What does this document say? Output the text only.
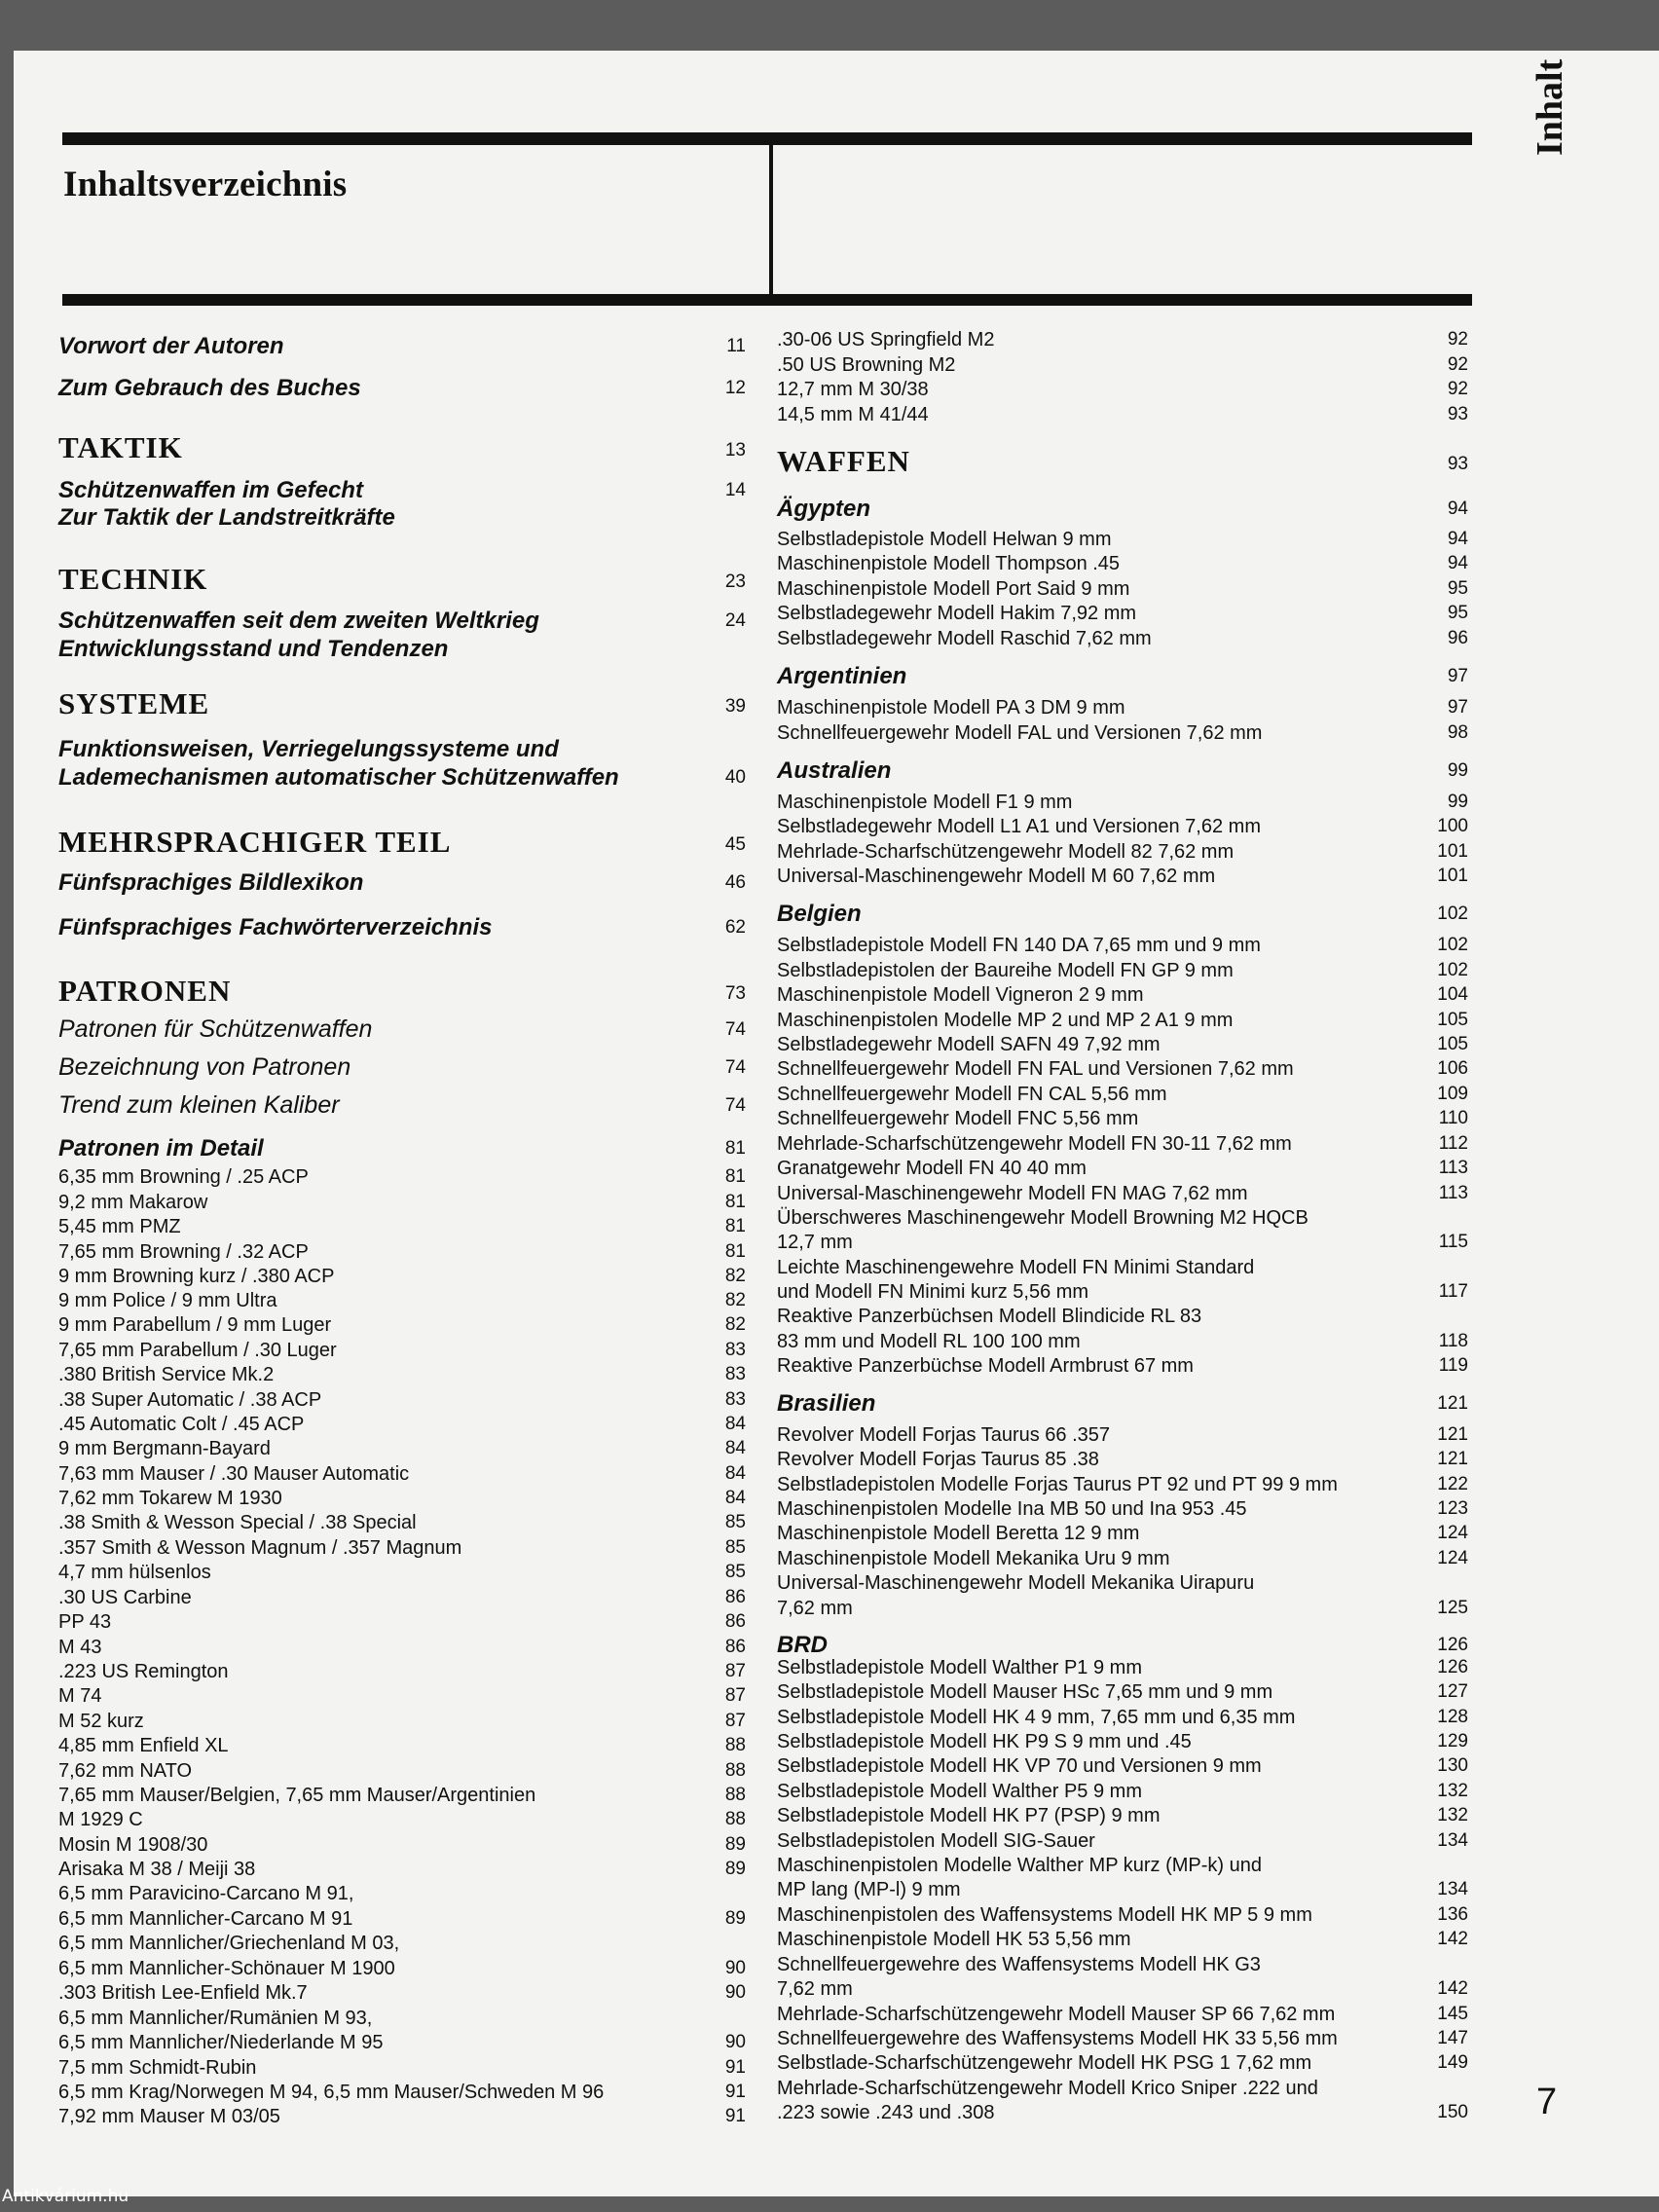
Inhaltsverzeichnis
Inhalt
7
Antikvárium.hu
Vorwort der Autoren	11
Zum Gebrauch des Buches	12
TAKTIK	13
Schützenwaffen im Gefecht	14
Zur Taktik der Landstreitkräfte
TECHNIK	23
Schützenwaffen seit dem zweiten Weltkrieg	24
Entwicklungsstand und Tendenzen
SYSTEME	39
Funktionsweisen, Verriegelungssysteme und
Lademechanismen automatischer Schützenwaffen	40
MEHRSPRACHIGER TEIL	45
Fünfsprachiges Bildlexikon	46
Fünfsprachiges Fachwörterverzeichnis	62
PATRONEN	73
Patronen für Schützenwaffen	74
Bezeichnung von Patronen	74
Trend zum kleinen Kaliber	74
Patronen im Detail	81
6,35 mm Browning / .25 ACP	81
9,2 mm Makarow	81
5,45 mm PMZ	81
7,65 mm Browning / .32 ACP	81
9 mm Browning kurz / .380 ACP	82
9 mm Police / 9 mm Ultra	82
9 mm Parabellum / 9 mm Luger	82
7,65 mm Parabellum / .30 Luger	83
.380 British Service Mk.2	83
.38 Super Automatic / .38 ACP	83
.45 Automatic Colt / .45 ACP	84
9 mm Bergmann-Bayard	84
7,63 mm Mauser / .30 Mauser Automatic	84
7,62 mm Tokarew M 1930	84
.38 Smith & Wesson Special / .38 Special	85
.357 Smith & Wesson Magnum / .357 Magnum	85
4,7 mm hülsenlos	85
.30 US Carbine	86
PP 43	86
M 43	86
.223 US Remington	87
M 74	87
M 52 kurz	87
4,85 mm Enfield XL	88
7,62 mm NATO	88
7,65 mm Mauser/Belgien, 7,65 mm Mauser/Argentinien	88
M 1929 C	88
Mosin M 1908/30	89
Arisaka M 38 / Meiji 38	89
6,5 mm Paravicino-Carcano M 91,
6,5 mm Mannlicher-Carcano M 91	89
6,5 mm Mannlicher/Griechenland M 03,
6,5 mm Mannlicher-Schönauer M 1900	90
.303 British Lee-Enfield Mk.7	90
6,5 mm Mannlicher/Rumänien M 93,
6,5 mm Mannlicher/Niederlande M 95	90
7,5 mm Schmidt-Rubin	91
6,5 mm Krag/Norwegen M 94, 6,5 mm Mauser/Schweden M 96	91
7,92 mm Mauser M 03/05	91
.30-06 US Springfield M2	92
.50 US Browning M2	92
12,7 mm M 30/38	92
14,5 mm M 41/44	93
WAFFEN	93
Ägypten	94
Selbstladepistole Modell Helwan 9 mm	94
Maschinenpistole Modell Thompson .45	94
Maschinenpistole Modell Port Said 9 mm	95
Selbstladegewehr Modell Hakim 7,92 mm	95
Selbstladegewehr Modell Raschid 7,62 mm	96
Argentinien	97
Maschinenpistole Modell PA 3 DM 9 mm	97
Schnellfeuergewehr Modell FAL und Versionen 7,62 mm	98
Australien	99
Maschinenpistole Modell F1 9 mm	99
Selbstladegewehr Modell L1 A1 und Versionen 7,62 mm	100
Mehrlade-Scharfschützengewehr Modell 82 7,62 mm	101
Universal-Maschinengewehr Modell M 60 7,62 mm	101
Belgien	102
Selbstladepistole Modell FN 140 DA 7,65 mm und 9 mm	102
Selbstladepistolen der Baureihe Modell FN GP 9 mm	102
Maschinenpistole Modell Vigneron 2 9 mm	104
Maschinenpistolen Modelle MP 2 und MP 2 A1 9 mm	105
Selbstladegewehr Modell SAFN 49 7,92 mm	105
Schnellfeuergewehr Modell FN FAL und Versionen 7,62 mm	106
Schnellfeuergewehr Modell FN CAL 5,56 mm	109
Schnellfeuergewehr Modell FNC 5,56 mm	110
Mehrlade-Scharfschützengewehr Modell FN 30-11 7,62 mm	112
Granatgewehr Modell FN 40 40 mm	113
Universal-Maschinengewehr Modell FN MAG 7,62 mm	113
Überschweres Maschinengewehr Modell Browning M2 HQCB
12,7 mm	115
Leichte Maschinengewehre Modell FN Minimi Standard
und Modell FN Minimi kurz 5,56 mm	117
Reaktive Panzerbüchsen Modell Blindicide RL 83
83 mm und Modell RL 100 100 mm	118
Reaktive Panzerbüchse Modell Armbrust 67 mm	119
Brasilien	121
Revolver Modell Forjas Taurus 66 .357	121
Revolver Modell Forjas Taurus 85 .38	121
Selbstladepistolen Modelle Forjas Taurus PT 92 und PT 99 9 mm	122
Maschinenpistolen Modelle Ina MB 50 und Ina 953 .45	123
Maschinenpistole Modell Beretta 12 9 mm	124
Maschinenpistole Modell Mekanika Uru 9 mm	124
Universal-Maschinengewehr Modell Mekanika Uirapuru
7,62 mm	125
BRD	126
Selbstladepistole Modell Walther P1 9 mm	126
Selbstladepistole Modell Mauser HSc 7,65 mm und 9 mm	127
Selbstladepistole Modell HK 4 9 mm, 7,65 mm und 6,35 mm	128
Selbstladepistole Modell HK P9 S 9 mm und .45	129
Selbstladepistole Modell HK VP 70 und Versionen 9 mm	130
Selbstladepistole Modell Walther P5 9 mm	132
Selbstladepistole Modell HK P7 (PSP) 9 mm	132
Selbstladepistolen Modell SIG-Sauer	134
Maschinenpistolen Modelle Walther MP kurz (MP-k) und
MP lang (MP-l) 9 mm	134
Maschinenpistolen des Waffensystems Modell HK MP 5 9 mm	136
Maschinenpistole Modell HK 53 5,56 mm	142
Schnellfeuergewehre des Waffensystems Modell HK G3
7,62 mm	142
Mehrlade-Scharfschützengewehr Modell Mauser SP 66 7,62 mm	145
Schnellfeuergewehre des Waffensystems Modell HK 33 5,56 mm	147
Selbstlade-Scharfschützengewehr Modell HK PSG 1 7,62 mm	149
Mehrlade-Scharfschützengewehr Modell Krico Sniper .222 und
.223 sowie .243 und .308	150
